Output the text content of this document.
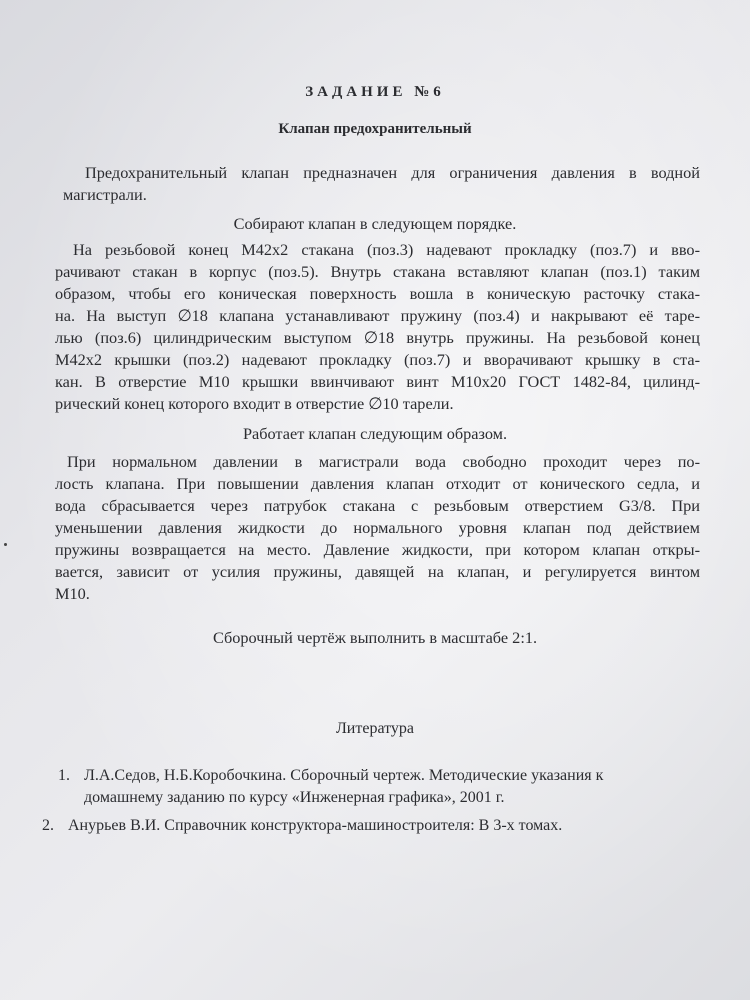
ЗАДАНИЕ №6
Клапан предохранительный
Предохранительный клапан предназначен для ограничения давления в водной
магистрали.
Собирают клапан в следующем порядке.
На резьбовой конец М42х2 стакана (поз.3) надевают прокладку (поз.7) и вво-
рачивают стакан в корпус (поз.5). Внутрь стакана вставляют клапан (поз.1) таким
образом, чтобы его коническая поверхность вошла в коническую расточку стака-
на. На выступ ∅18 клапана устанавливают пружину (поз.4) и накрывают её таре-
лью (поз.6) цилиндрическим выступом ∅18 внутрь пружины. На резьбовой конец
М42х2 крышки (поз.2) надевают прокладку (поз.7) и вворачивают крышку в ста-
кан. В отверстие М10 крышки ввинчивают винт М10х20 ГОСТ 1482-84, цилинд-
рический конец которого входит в отверстие ∅10 тарели.
Работает клапан следующим образом.
При нормальном давлении в магистрали вода свободно проходит через по-
лость клапана. При повышении давления клапан отходит от конического седла, и
вода сбрасывается через патрубок стакана с резьбовым отверстием G3/8. При
уменьшении давления жидкости до нормального уровня клапан под действием
пружины возвращается на место. Давление жидкости, при котором клапан откры-
вается, зависит от усилия пружины, давящей на клапан, и регулируется винтом
М10.
Сборочный чертёж выполнить в масштабе 2:1.
Литература
1. Л.А.Седов, Н.Б.Коробочкина. Сборочный чертеж. Методические указания к
домашнему заданию по курсу «Инженерная графика», 2001 г.
2. Анурьев В.И. Справочник конструктора-машиностроителя: В 3-х томах.
